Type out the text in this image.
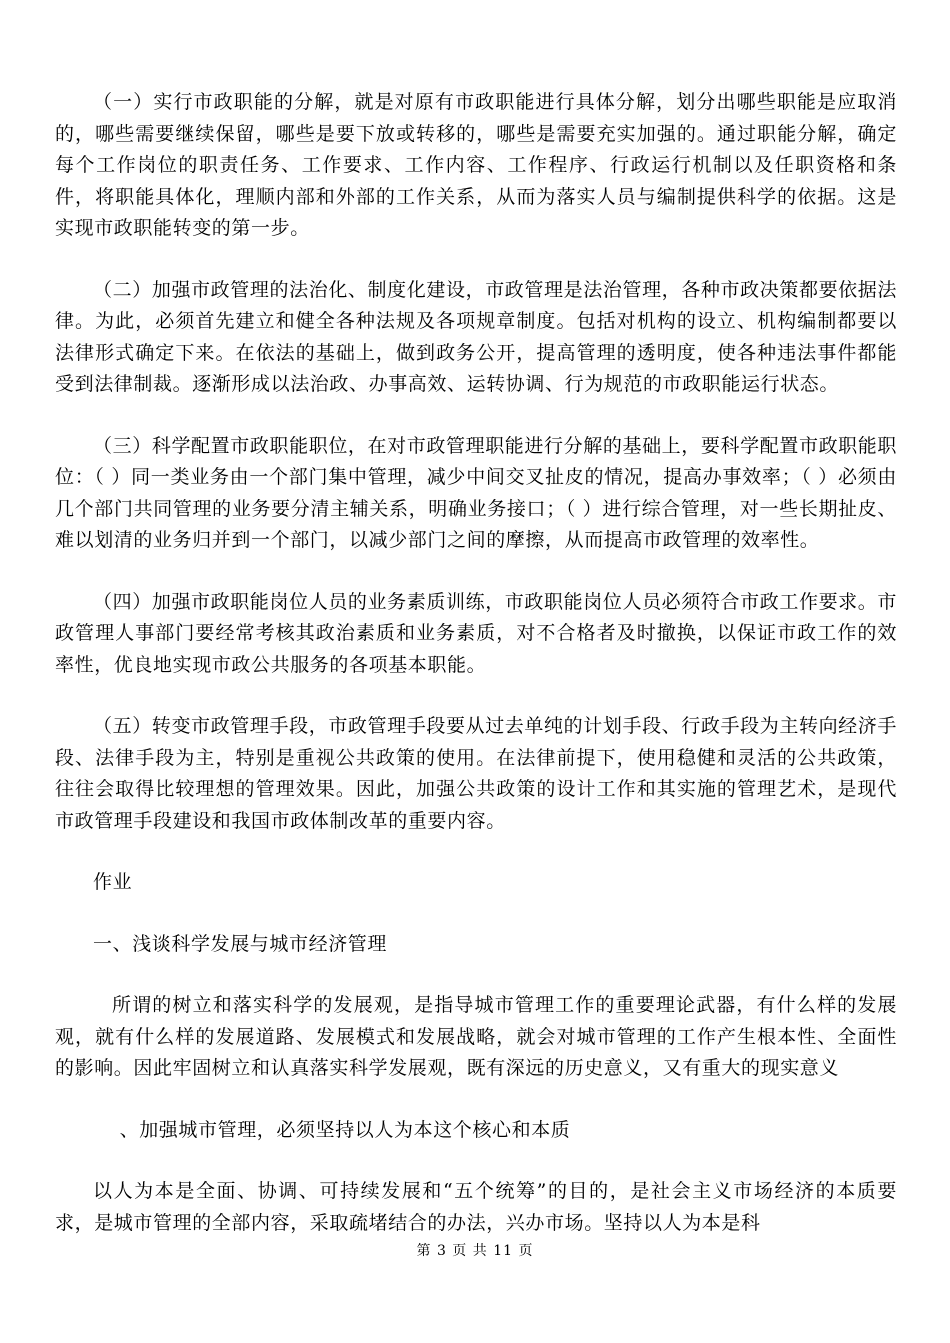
（一）实行市政职能的分解，就是对原有市政职能进行具体分解，划分出哪些职能是应取消的，哪些需要继续保留，哪些是要下放或转移的，哪些是需要充实加强的。通过职能分解，确定每个工作岗位的职责任务、工作要求、工作内容、工作程序、行政运行机制以及任职资格和条件，将职能具体化，理顺内部和外部的工作关系，从而为落实人员与编制提供科学的依据。这是实现市政职能转变的第一步。

（二）加强市政管理的法治化、制度化建设，市政管理是法治管理，各种市政决策都要依据法律。为此，必须首先建立和健全各种法规及各项规章制度。包括对机构的设立、机构编制都要以法律形式确定下来。在依法的基础上，做到政务公开，提高管理的透明度，使各种违法事件都能受到法律制裁。逐渐形成以法治政、办事高效、运转协调、行为规范的市政职能运行状态。

（三）科学配置市政职能职位，在对市政管理职能进行分解的基础上，要科学配置市政职能职位：（ ）同一类业务由一个部门集中管理，减少中间交叉扯皮的情况，提高办事效率；（ ）必须由几个部门共同管理的业务要分清主辅关系，明确业务接口；（ ）进行综合管理，对一些长期扯皮、难以划清的业务归并到一个部门，以减少部门之间的摩擦，从而提高市政管理的效率性。

（四）加强市政职能岗位人员的业务素质训练，市政职能岗位人员必须符合市政工作要求。市政管理人事部门要经常考核其政治素质和业务素质，对不合格者及时撤换，以保证市政工作的效率性，优良地实现市政公共服务的各项基本职能。

（五）转变市政管理手段，市政管理手段要从过去单纯的计划手段、行政手段为主转向经济手段、法律手段为主，特别是重视公共政策的使用。在法律前提下，使用稳健和灵活的公共政策，往往会取得比较理想的管理效果。因此，加强公共政策的设计工作和其实施的管理艺术，是现代市政管理手段建设和我国市政体制改革的重要内容。

作业
一、浅谈科学发展与城市经济管理

所谓的树立和落实科学的发展观，是指导城市管理工作的重要理论武器，有什么样的发展观，就有什么样的发展道路、发展模式和发展战略，就会对城市管理的工作产生根本性、全面性的影响。因此牢固树立和认真落实科学发展观，既有深远的历史意义，又有重大的现实意义

、加强城市管理，必须坚持以人为本这个核心和本质

以人为本是全面、协调、可持续发展和“五个统筹”的目的，是社会主义市场经济的本质要求，是城市管理的全部内容，采取疏堵结合的办法，兴办市场。坚持以人为本是科

第 3 页 共 11 页
